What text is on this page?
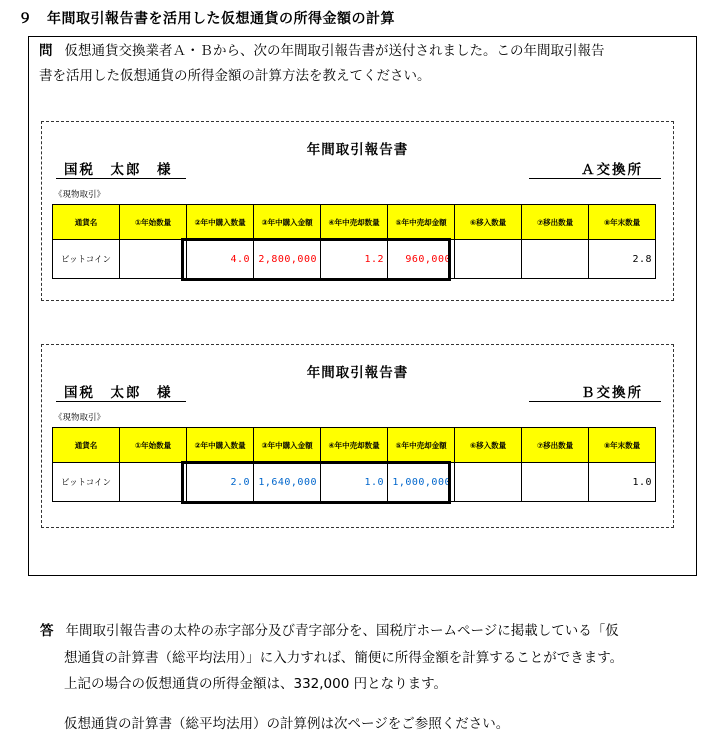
９　年間取引報告書を活用した仮想通貨の所得金額の計算
問 仮想通貨交換業者Ａ・Ｂから、次の年間取引報告書が送付されました。この年間取引報告
書を活用した仮想通貨の所得金額の計算方法を教えてください。
年間取引報告書
国税　太郎　様	Ａ交換所
《現物取引》
通貨名	①年始数量	②年中購入数量	③年中購入金額	④年中売却数量	⑤年中売却金額	⑥移入数量	⑦移出数量	⑧年末数量
ビットコイン		4.0	2,800,000	1.2	960,000			2.8
年間取引報告書
国税　太郎　様	Ｂ交換所
《現物取引》
通貨名	①年始数量	②年中購入数量	③年中購入金額	④年中売却数量	⑤年中売却金額	⑥移入数量	⑦移出数量	⑧年末数量
ビットコイン		2.0	1,640,000	1.0	1,000,000			1.0
答 年間取引報告書の太枠の赤字部分及び青字部分を、国税庁ホームページに掲載している「仮
想通貨の計算書（総平均法用）」に入力すれば、簡便に所得金額を計算することができます。
上記の場合の仮想通貨の所得金額は、332,000 円となります。
仮想通貨の計算書（総平均法用）の計算例は次ページをご参照ください。
